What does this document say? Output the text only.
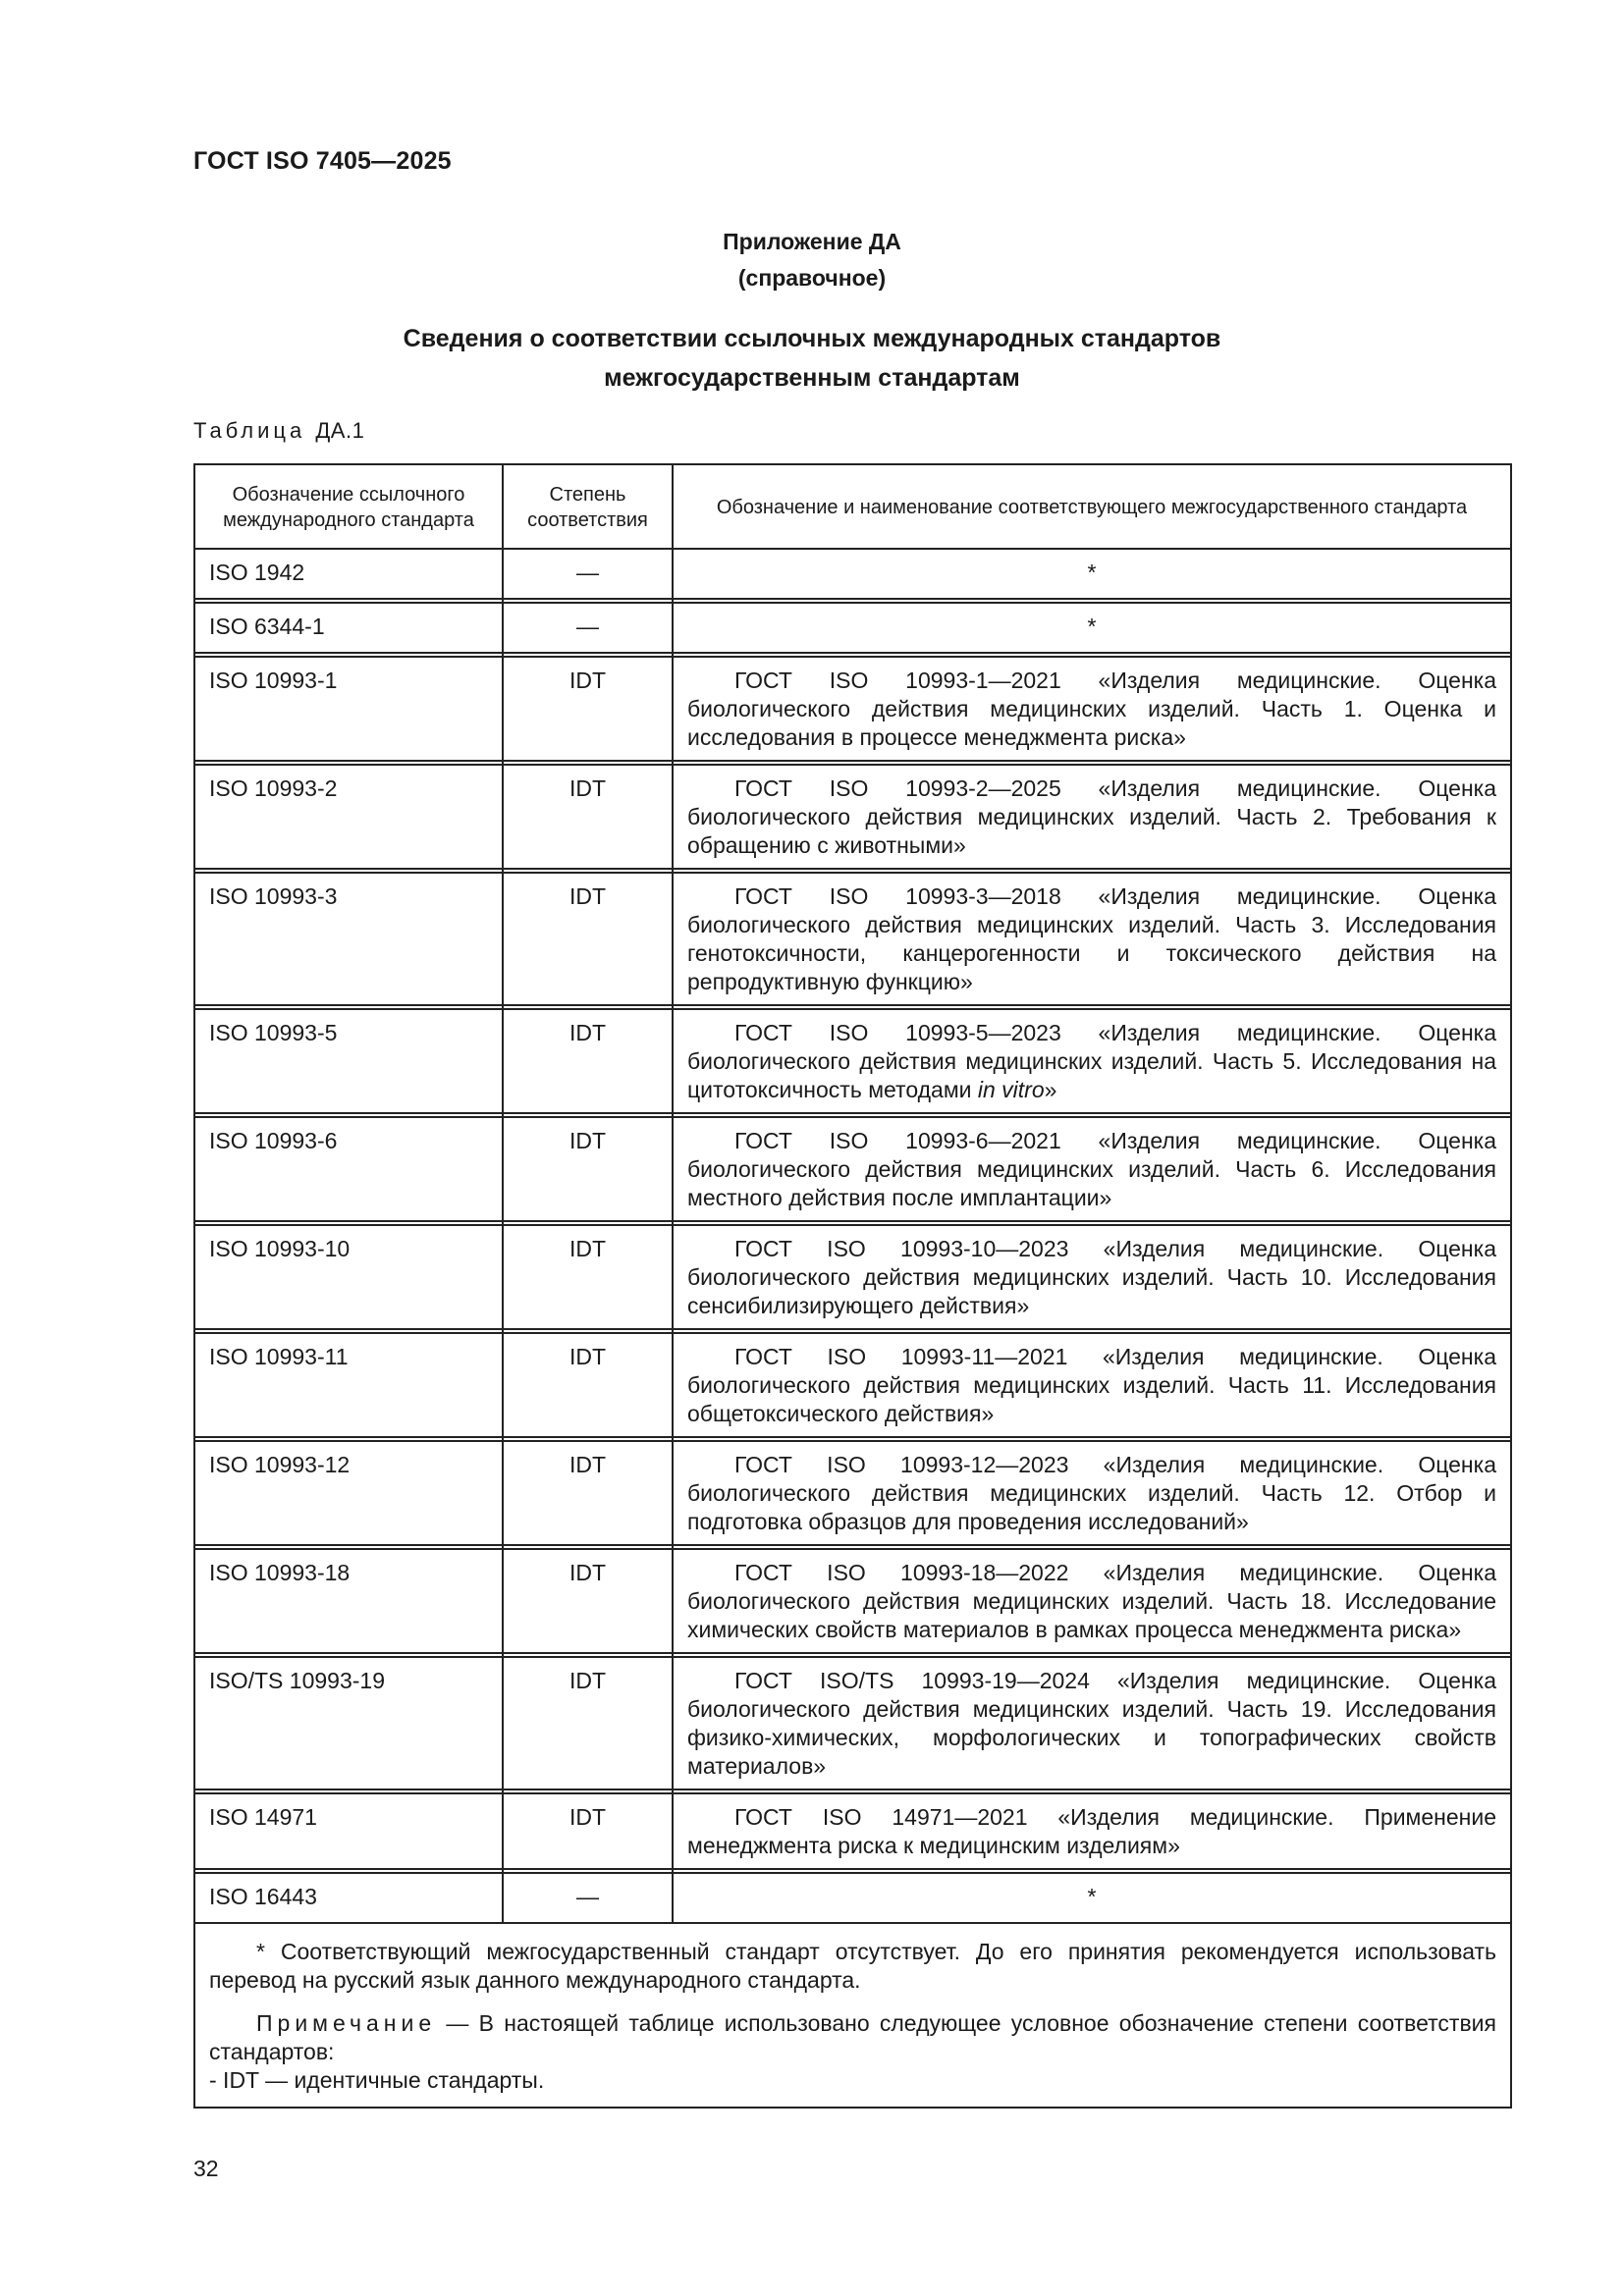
ГОСТ ISO 7405—2025
Приложение ДА
(справочное)
Сведения о соответствии ссылочных международных стандартов
межгосударственным стандартам
Таблица ДА.1
Обозначение ссылочного международного стандарта	Степень соответствия	Обозначение и наименование соответствующего межгосударственного стандарта
ISO 1942	—	*

ISO 6344-1	—	*

ISO 10993-1	IDT	ГОСТ ISO 10993-1—2021 «Изделия медицинские. Оценка биологического действия медицинских изделий. Часть 1. Оценка и исследования в процессе менеджмента риска»

ISO 10993-2	IDT	ГОСТ ISO 10993-2—2025 «Изделия медицинские. Оценка биологического действия медицинских изделий. Часть 2. Требования к обращению с животными»

ISO 10993-3	IDT	ГОСТ ISO 10993-3—2018 «Изделия медицинские. Оценка биологического действия медицинских изделий. Часть 3. Исследования генотоксичности, канцерогенности и токсического действия на репродуктивную функцию»

ISO 10993-5	IDT	ГОСТ ISO 10993-5—2023 «Изделия медицинские. Оценка биологического действия медицинских изделий. Часть 5. Исследования на цитотоксичность методами in vitro»

ISO 10993-6	IDT	ГОСТ ISO 10993-6—2021 «Изделия медицинские. Оценка биологического действия медицинских изделий. Часть 6. Исследования местного действия после имплантации»

ISO 10993-10	IDT	ГОСТ ISO 10993-10—2023 «Изделия медицинские. Оценка биологического действия медицинских изделий. Часть 10. Исследования сенсибилизирующего действия»

ISO 10993-11	IDT	ГОСТ ISO 10993-11—2021 «Изделия медицинские. Оценка биологического действия медицинских изделий. Часть 11. Исследования общетоксического действия»

ISO 10993-12	IDT	ГОСТ ISO 10993-12—2023 «Изделия медицинские. Оценка биологического действия медицинских изделий. Часть 12. Отбор и подготовка образцов для проведения исследований»

ISO 10993-18	IDT	ГОСТ ISO 10993-18—2022 «Изделия медицинские. Оценка биологического действия медицинских изделий. Часть 18. Исследование химических свойств материалов в рамках процесса менеджмента риска»

ISO/TS 10993-19	IDT	ГОСТ ISO/TS 10993-19—2024 «Изделия медицинские. Оценка биологического действия медицинских изделий. Часть 19. Исследования физико-химических, морфологических и топографических свойств материалов»

ISO 14971	IDT	ГОСТ ISO 14971—2021 «Изделия медицинские. Применение менеджмента риска к медицинским изделиям»

ISO 16443	—	*

* Соответствующий межгосударственный стандарт отсутствует. До его принятия рекомендуется использовать перевод на русский язык данного международного стандарта.

Примечание — В настоящей таблице использовано следующее условное обозначение степени соответствия стандартов:
- IDT — идентичные стандарты.		

32
